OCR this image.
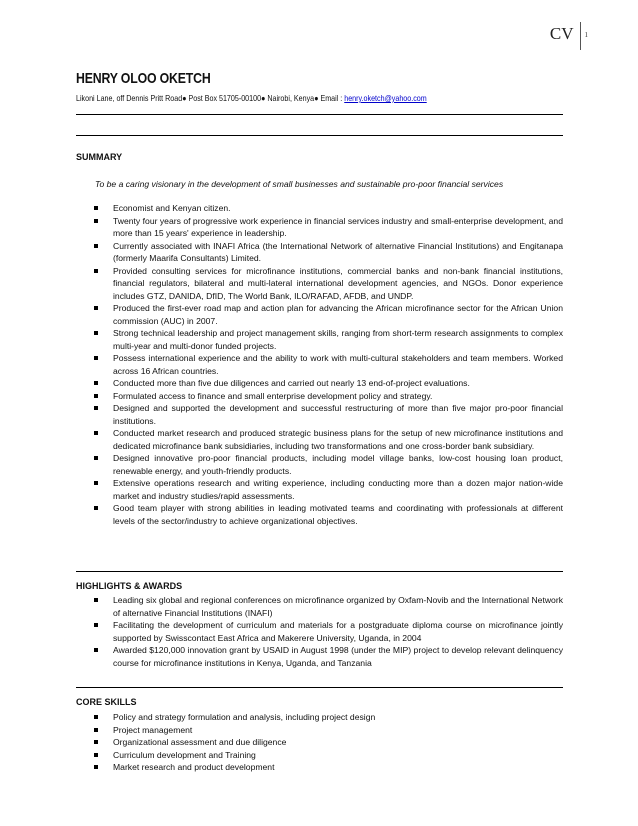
CV	1
HENRY OLOO OKETCH
Likoni Lane, off Dennis Pritt Road● Post Box 51705-00100● Nairobi, Kenya● Email : henry.oketch@yahoo.com
SUMMARY
To be a caring visionary in the development of small businesses and sustainable pro-poor financial services
Economist and Kenyan citizen.
Twenty four years of progressive work experience in financial services industry and small-enterprise development, and more than 15 years' experience in leadership.
Currently associated with INAFI Africa (the International Network of alternative Financial Institutions) and Engitanapa (formerly Maarifa Consultants) Limited.
Provided consulting services for microfinance institutions, commercial banks and non-bank financial institutions, financial regulators, bilateral and multi-lateral international development agencies, and NGOs. Donor experience includes GTZ, DANIDA, DfID, The World Bank, ILO/RAFAD, AFDB, and UNDP.
Produced the first-ever road map and action plan for advancing the African microfinance sector for the African Union commission (AUC) in 2007.
Strong technical leadership and project management skills, ranging from short-term research assignments to complex multi-year and multi-donor funded projects.
Possess international experience and the ability to work with multi-cultural stakeholders and team members. Worked across 16 African countries.
Conducted more than five due diligences and carried out nearly 13 end-of-project evaluations.
Formulated access to finance and small enterprise development policy and strategy.
Designed and supported the development and successful restructuring of more than five major pro-poor financial institutions.
Conducted market research and produced strategic business plans for the setup of new microfinance institutions and dedicated microfinance bank subsidiaries, including two transformations and one cross-border bank subsidiary.
Designed innovative pro-poor financial products, including model village banks, low-cost housing loan product, renewable energy, and youth-friendly products.
Extensive operations research and writing experience, including conducting more than a dozen major nation-wide market and industry studies/rapid assessments.
Good team player with strong abilities in leading motivated teams and coordinating with professionals at different levels of the sector/industry to achieve organizational objectives.
HIGHLIGHTS & AWARDS
Leading six global and regional conferences on microfinance organized by Oxfam-Novib and the International Network of alternative Financial Institutions (INAFI)
Facilitating the development of curriculum and materials for a postgraduate diploma course on microfinance jointly supported by Swisscontact East Africa and Makerere University, Uganda, in 2004
Awarded $120,000 innovation grant by USAID in August 1998 (under the MIP) project to develop relevant delinquency course for microfinance institutions in Kenya, Uganda, and Tanzania
CORE SKILLS
Policy and strategy formulation and analysis, including project design
Project management
Organizational assessment and due diligence
Curriculum development and Training
Market research and product development
